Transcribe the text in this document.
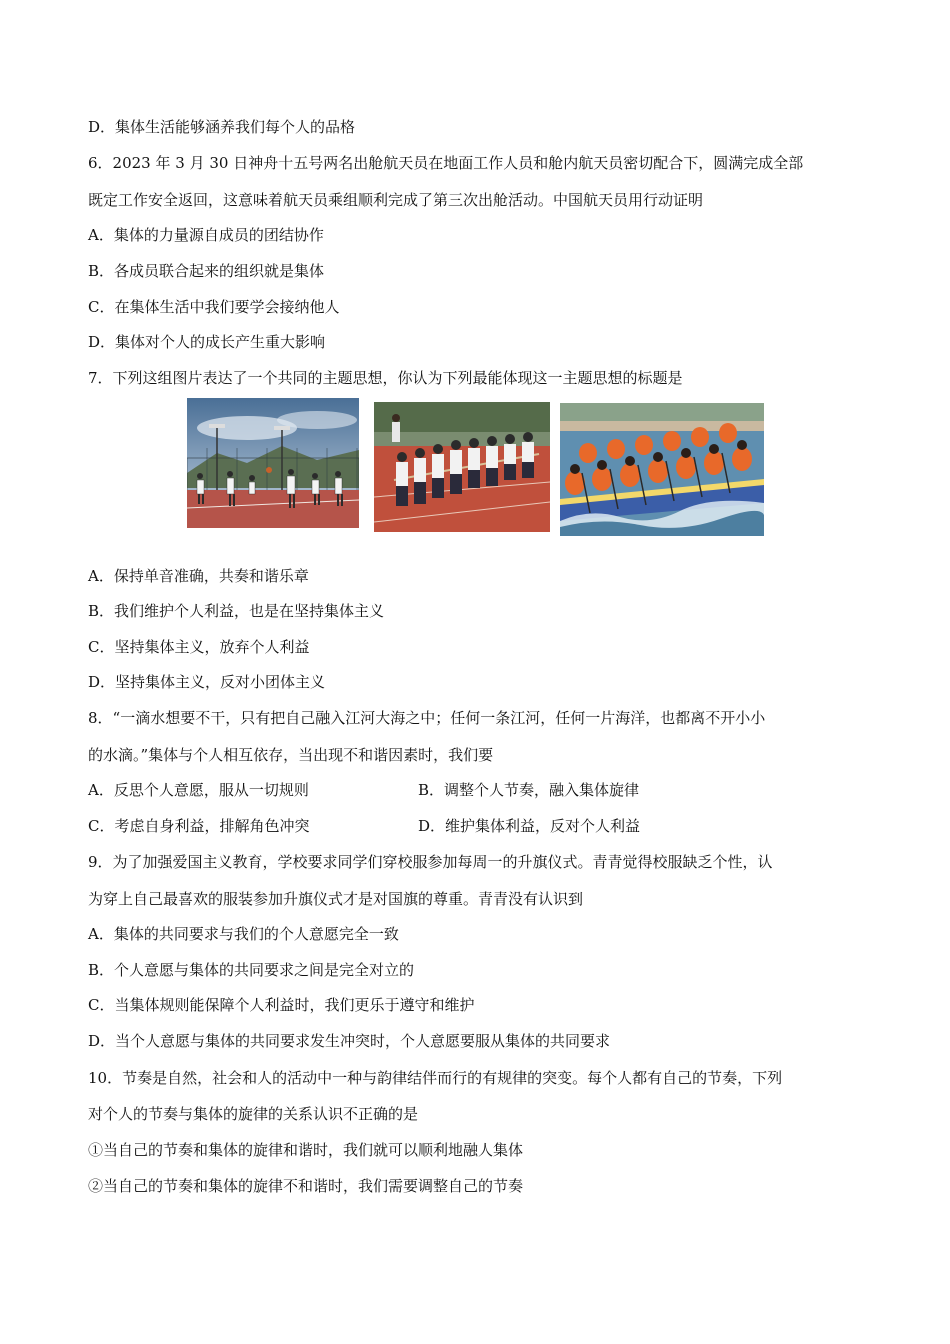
D．集体生活能够涵养我们每个人的品格
6．2023 年 3 月 30 日神舟十五号两名出舱航天员在地面工作人员和舱内航天员密切配合下，圆满完成全部
既定工作安全返回，这意味着航天员乘组顺利完成了第三次出舱活动。中国航天员用行动证明
A．集体的力量源自成员的团结协作
B．各成员联合起来的组织就是集体
C．在集体生活中我们要学会接纳他人
D．集体对个人的成长产生重大影响
7．下列这组图片表达了一个共同的主题思想，你认为下列最能体现这一主题思想的标题是
A．保持单音准确，共奏和谐乐章
B．我们维护个人利益，也是在坚持集体主义
C．坚持集体主义，放弃个人利益
D．坚持集体主义，反对小团体主义
8．“一滴水想要不干，只有把自己融入江河大海之中；任何一条江河，任何一片海洋，也都离不开小小
的水滴。”集体与个人相互依存，当出现不和谐因素时，我们要
A．反思个人意愿，服从一切规则	B．调整个人节奏，融入集体旋律
C．考虑自身利益，排解角色冲突	D．维护集体利益，反对个人利益
9．为了加强爱国主义教育，学校要求同学们穿校服参加每周一的升旗仪式。青青觉得校服缺乏个性，认
为穿上自己最喜欢的服装参加升旗仪式才是对国旗的尊重。青青没有认识到
A．集体的共同要求与我们的个人意愿完全一致
B．个人意愿与集体的共同要求之间是完全对立的
C．当集体规则能保障个人利益时，我们更乐于遵守和维护
D．当个人意愿与集体的共同要求发生冲突时，个人意愿要服从集体的共同要求
10．节奏是自然，社会和人的活动中一种与韵律结伴而行的有规律的突变。每个人都有自己的节奏，下列
对个人的节奏与集体的旋律的关系认识不正确的是
①当自己的节奏和集体的旋律和谐时，我们就可以顺利地融人集体
②当自己的节奏和集体的旋律不和谐时，我们需要调整自己的节奏
